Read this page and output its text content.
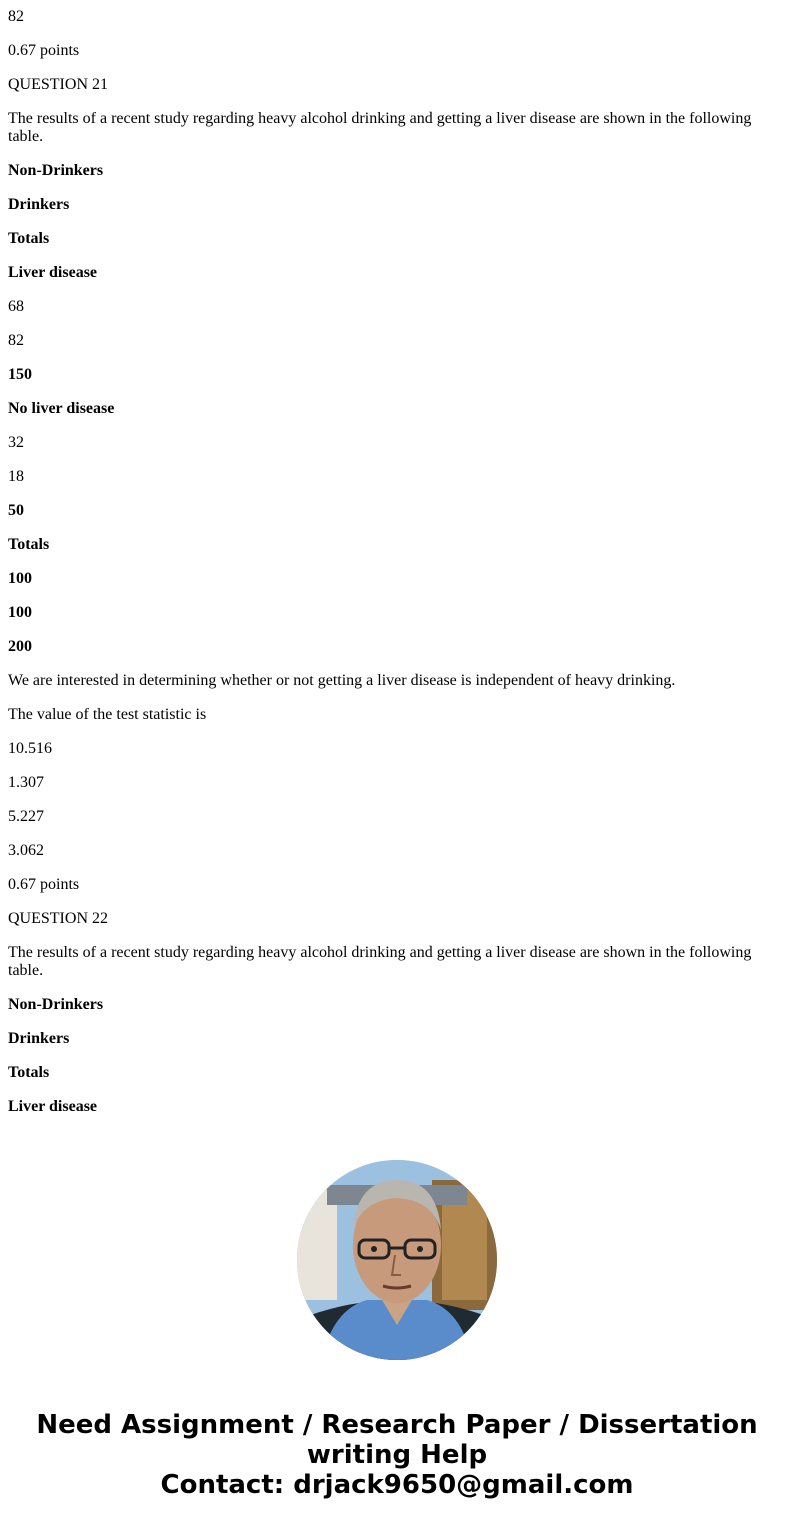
82

0.67 points

QUESTION 21

The results of a recent study regarding heavy alcohol drinking and getting a liver disease are shown in the following table.

Non-Drinkers

Drinkers

Totals

Liver disease

68

82

150

No liver disease

32

18

50

Totals

100

100

200

We are interested in determining whether or not getting a liver disease is independent of heavy drinking.

The value of the test statistic is

10.516

1.307

5.227

3.062

0.67 points

QUESTION 22

The results of a recent study regarding heavy alcohol drinking and getting a liver disease are shown in the following table.

Non-Drinkers

Drinkers

Totals

Liver disease

Need Assignment / Research Paper / Dissertation
writing Help
Contact: drjack9650@gmail.com
